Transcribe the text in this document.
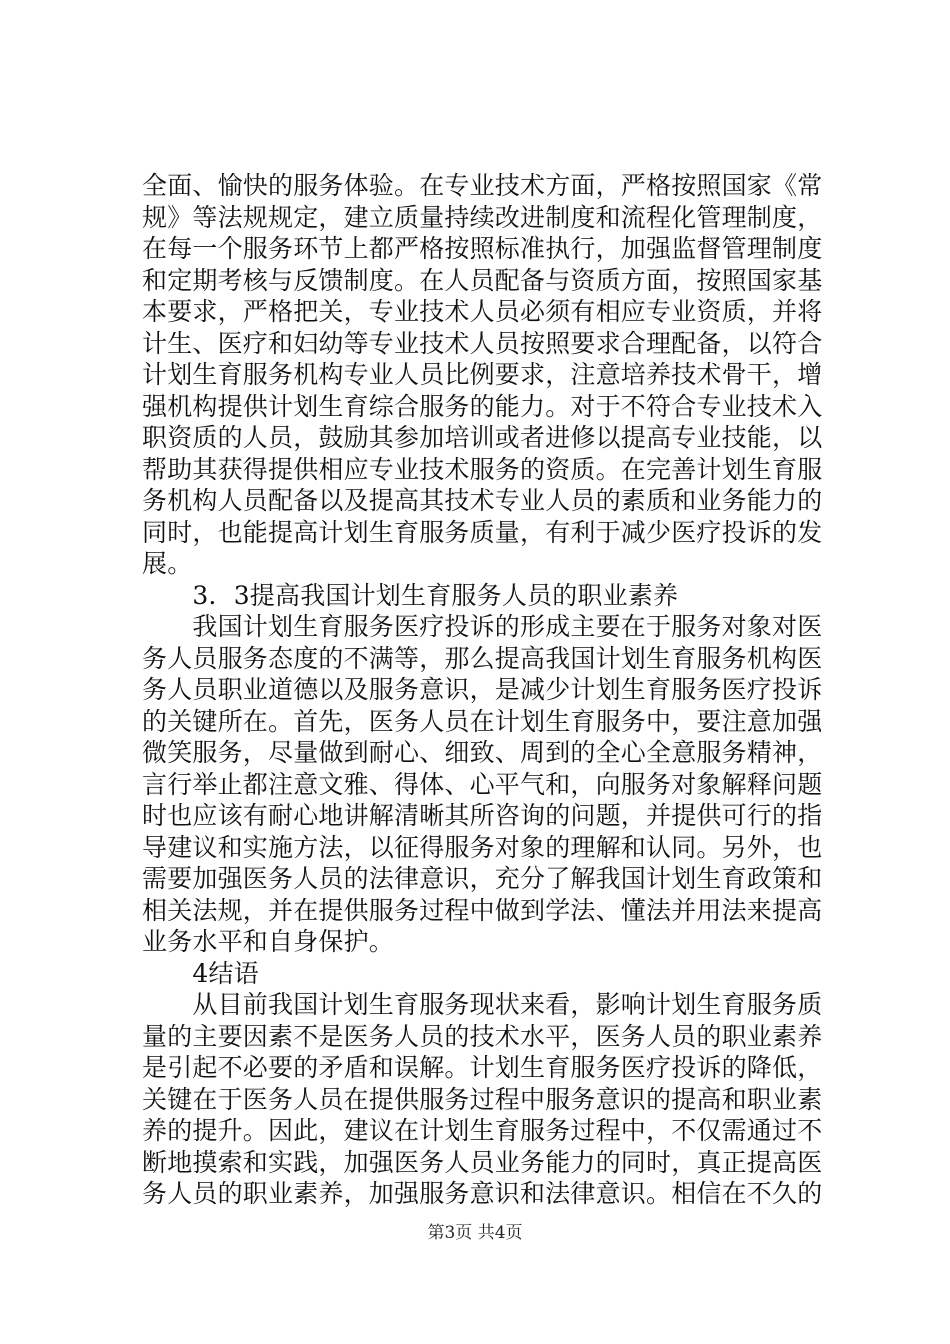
全面、愉快的服务体验。在专业技术方面，严格按照国家《常
规》等法规规定，建立质量持续改进制度和流程化管理制度，
在每一个服务环节上都严格按照标准执行，加强监督管理制度
和定期考核与反馈制度。在人员配备与资质方面，按照国家基
本要求，严格把关，专业技术人员必须有相应专业资质，并将
计生、医疗和妇幼等专业技术人员按照要求合理配备，以符合
计划生育服务机构专业人员比例要求，注意培养技术骨干，增
强机构提供计划生育综合服务的能力。对于不符合专业技术入
职资质的人员，鼓励其参加培训或者进修以提高专业技能，以
帮助其获得提供相应专业技术服务的资质。在完善计划生育服
务机构人员配备以及提高其技术专业人员的素质和业务能力的
同时，也能提高计划生育服务质量，有利于减少医疗投诉的发
展。
　　3．3提高我国计划生育服务人员的职业素养
　　我国计划生育服务医疗投诉的形成主要在于服务对象对医
务人员服务态度的不满等，那么提高我国计划生育服务机构医
务人员职业道德以及服务意识，是减少计划生育服务医疗投诉
的关键所在。首先，医务人员在计划生育服务中，要注意加强
微笑服务，尽量做到耐心、细致、周到的全心全意服务精神，
言行举止都注意文雅、得体、心平气和，向服务对象解释问题
时也应该有耐心地讲解清晰其所咨询的问题，并提供可行的指
导建议和实施方法，以征得服务对象的理解和认同。另外，也
需要加强医务人员的法律意识，充分了解我国计划生育政策和
相关法规，并在提供服务过程中做到学法、懂法并用法来提高
业务水平和自身保护。
　　4结语
　　从目前我国计划生育服务现状来看，影响计划生育服务质
量的主要因素不是医务人员的技术水平，医务人员的职业素养
是引起不必要的矛盾和误解。计划生育服务医疗投诉的降低，
关键在于医务人员在提供服务过程中服务意识的提高和职业素
养的提升。因此，建议在计划生育服务过程中，不仅需通过不
断地摸索和实践，加强医务人员业务能力的同时，真正提高医
务人员的职业素养，加强服务意识和法律意识。相信在不久的
第3页 共4页
